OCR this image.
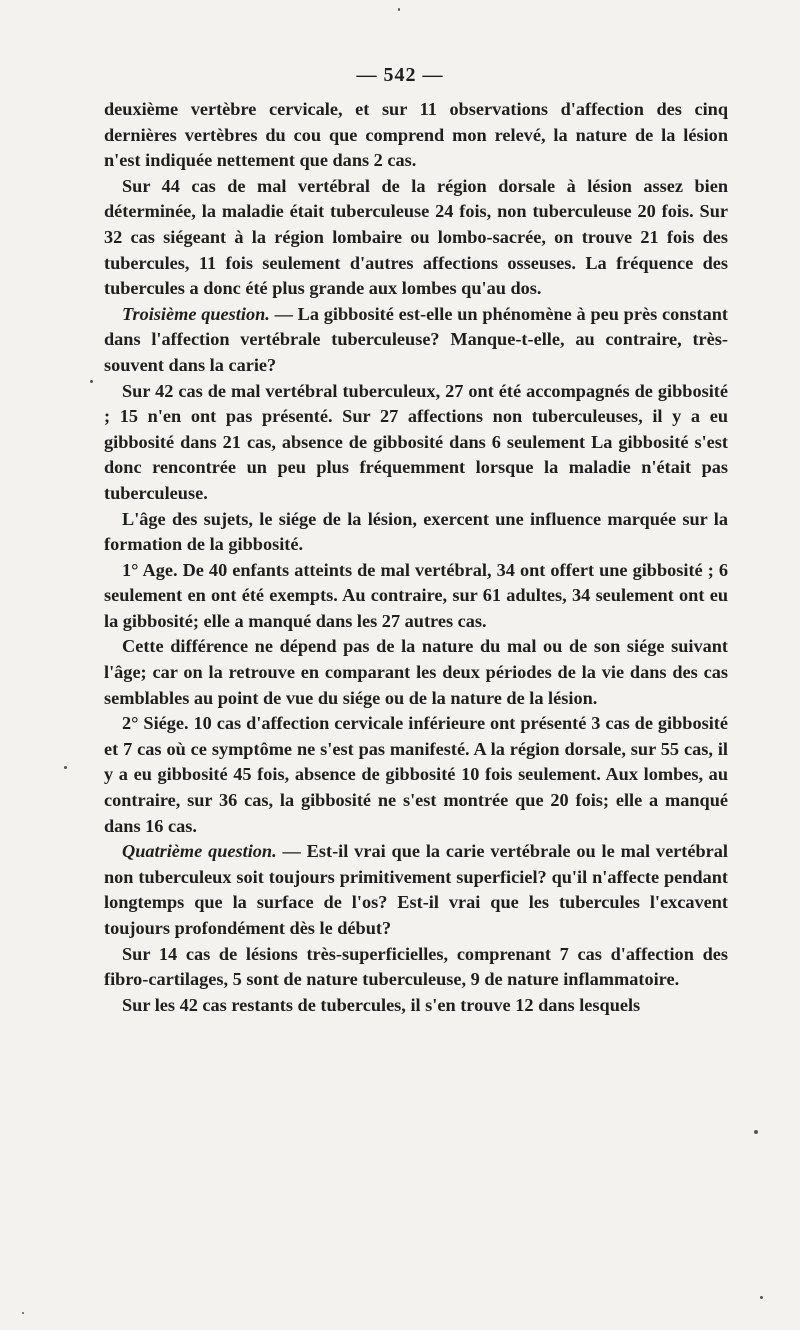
— 542 —

deuxième vertèbre cervicale, et sur 11 observations d'affection des cinq dernières vertèbres du cou que comprend mon relevé, la nature de la lésion n'est indiquée nettement que dans 2 cas.

Sur 44 cas de mal vertébral de la région dorsale à lésion assez bien déterminée, la maladie était tuberculeuse 24 fois, non tuberculeuse 20 fois. Sur 32 cas siégeant à la région lombaire ou lombo-sacrée, on trouve 21 fois des tubercules, 11 fois seulement d'autres affections osseuses. La fréquence des tubercules a donc été plus grande aux lombes qu'au dos.

Troisième question. — La gibbosité est-elle un phénomène à peu près constant dans l'affection vertébrale tuberculeuse? Manque-t-elle, au contraire, très-souvent dans la carie?

Sur 42 cas de mal vertébral tuberculeux, 27 ont été accompagnés de gibbosité ; 15 n'en ont pas présenté. Sur 27 affections non tuberculeuses, il y a eu gibbosité dans 21 cas, absence de gibbosité dans 6 seulement La gibbosité s'est donc rencontrée un peu plus fréquemment lorsque la maladie n'était pas tuberculeuse.

L'âge des sujets, le siége de la lésion, exercent une influence marquée sur la formation de la gibbosité.

1° Age. De 40 enfants atteints de mal vertébral, 34 ont offert une gibbosité ; 6 seulement en ont été exempts. Au contraire, sur 61 adultes, 34 seulement ont eu la gibbosité; elle a manqué dans les 27 autres cas.

Cette différence ne dépend pas de la nature du mal ou de son siége suivant l'âge; car on la retrouve en comparant les deux périodes de la vie dans des cas semblables au point de vue du siége ou de la nature de la lésion.

2° Siége. 10 cas d'affection cervicale inférieure ont présenté 3 cas de gibbosité et 7 cas où ce symptôme ne s'est pas manifesté. A la région dorsale, sur 55 cas, il y a eu gibbosité 45 fois, absence de gibbosité 10 fois seulement. Aux lombes, au contraire, sur 36 cas, la gibbosité ne s'est montrée que 20 fois; elle a manqué dans 16 cas.

Quatrième question. — Est-il vrai que la carie vertébrale ou le mal vertébral non tuberculeux soit toujours primitivement superficiel? qu'il n'affecte pendant longtemps que la surface de l'os? Est-il vrai que les tubercules l'excavent toujours profondément dès le début?

Sur 14 cas de lésions très-superficielles, comprenant 7 cas d'affection des fibro-cartilages, 5 sont de nature tuberculeuse, 9 de nature inflammatoire.

Sur les 42 cas restants de tubercules, il s'en trouve 12 dans lesquels
